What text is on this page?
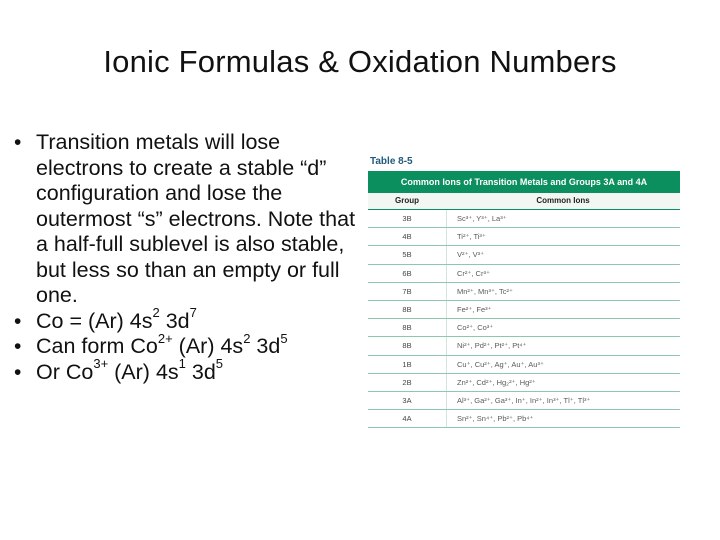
Ionic Formulas & Oxidation Numbers
• Transition metals will lose electrons to create a stable “d” configuration and lose the outermost “s” electrons. Note that a half-full sublevel is also stable, but less so than an empty or full one.
• Co = (Ar) $4s^2$ $3d^7$
• Can form $Co^{2+}$ (Ar) $4s^2$ $3d^5$
• Or $Co^{3+}$ (Ar) $4s^1$ $3d^5$
Table 8-5
Common Ions of Transition Metals and Groups 3A and 4A
Group	Common Ions
3B	Sc³⁺, Y³⁺, La³⁺
4B	Ti²⁺, Ti³⁺
5B	V²⁺, V³⁺
6B	Cr²⁺, Cr³⁺
7B	Mn²⁺, Mn³⁺, Tc²⁺
8B	Fe²⁺, Fe³⁺
8B	Co²⁺, Co³⁺
8B	Ni²⁺, Pd²⁺, Pt²⁺, Pt⁴⁺
1B	Cu⁺, Cu²⁺, Ag⁺, Au⁺, Au³⁺
2B	Zn²⁺, Cd²⁺, Hg₂²⁺, Hg²⁺
3A	Al³⁺, Ga²⁺, Ga³⁺, In⁺, In²⁺, In³⁺, Tl⁺, Tl³⁺
4A	Sn²⁺, Sn⁴⁺, Pb²⁺, Pb⁴⁺
